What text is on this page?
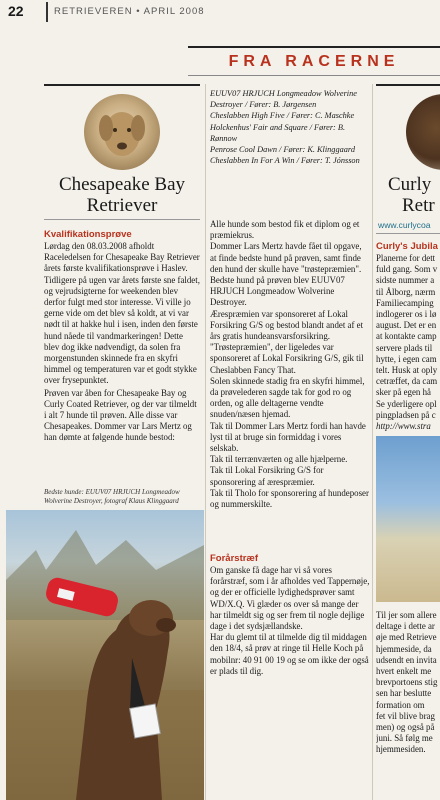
22	RETRIEVEREN • APRIL 2008
FRA RACERNE
Chesapeake Bay Retriever
Kvalifikationsprøve

Lørdag den 08.03.2008 afholdt Raceledelsen for Chesapeake Bay Retriever årets første kvalifikationsprøve i Haslev. Tidligere på ugen var årets første sne faldet, og vejrudsigterne for weekenden blev derfor fulgt med stor interesse. Vi ville jo gerne vide om det blev så koldt, at vi var nødt til at hakke hul i isen, inden den første hund nåede til vandmarkeringen! Dette blev dog ikke nødvendigt, da solen fra morgenstunden skinnede fra en skyfri himmel og temperaturen var et godt stykke over frysepunktet.

Prøven var åben for Chesapeake Bay og Curly Coated Retriever, og der var tilmeldt i alt 7 hunde til prøven. Alle disse var Chesapeakes. Dommer var Lars Mertz og han dømte at følgende hunde bestod:

Bedste hunde: EUUV07 HRJUCH Longmeadow Wolverine Destroyer, fotograf Klaus Klinggaard
EUUV07 HRJUCH Longmeadow Wolverine Destroyer / Fører: B. Jørgensen
Cheslabben High Five / Fører: C. Maschke
Holckenhus' Fair and Square / Fører: B. Rønnow
Penrose Cool Dawn / Fører: K. Klinggaard
Cheslabben In For A Win / Fører: T. Jónsson

Alle hunde som bestod fik et diplom og et præmiekrus.

Dommer Lars Mertz havde fået til opgave, at finde bedste hund på prøven, samt finde den hund der skulle have "trøstepræmien".

Bedste hund på prøven blev EUUV07 HRJUCH Longmeadow Wolverine Destroyer.

Ærespræmien var sponsoreret af Lokal Forsikring G/S og bestod blandt andet af et års gratis hundeansvarsforsikring.

"Trøstepræmien", der ligeledes var sponsoreret af Lokal Forsikring G/S, gik til Cheslabben Fancy That.

Solen skinnede stadig fra en skyfri himmel, da prøvelederen sagde tak for god ro og orden, og alle deltagerne vendte snuden/næsen hjemad.

Tak til Dommer Lars Mertz fordi han havde lyst til at bruge sin formiddag i vores selskab.

Tak til terrænværten og alle hjælperne.

Tak til Lokal Forsikring G/S for sponsorering af ærespræmier.

Tak til Tholo for sponsorering af hundeposer og nummerskilte.

Forårstræf

Om ganske få dage har vi så vores forårstræf, som i år afholdes ved Tappernøje, og der er officielle lydighedsprøver samt WD/X.Q. Vi glæder os over så mange der har tilmeldt sig og ser frem til nogle dejlige dage i det sydsjællandske.

Har du glemt til at tilmelde dig til middagen den 18/4, så prøv at ringe til Helle Koch på mobilnr: 40 91 00 19 og se om ikke der også er plads til dig.

Curly
Retr
www.curlycoa
Curly's Jubila
Planerne for dett
fuld gang. Som v
sidste nummer a
til Ålborg, nærm
Familiecamping
indlogerer os i lø
august. Det er en
at kontakte camp
servere plads til
hytte, i egen cam
telt. Husk at oply
cetræffet, da cam
sker på egen hå
Se yderligere opl
pingpladsen på c
http://www.stra
Til jer som allere
deltage i dette ar
øje med Retrieve
hjemmeside, da
udsendt en invita
hvert enkelt me
brevportoens stig
sen har beslutte
formation om
fet vil blive brag
men) og også på
juni. Så følg me
hjemmesiden.
